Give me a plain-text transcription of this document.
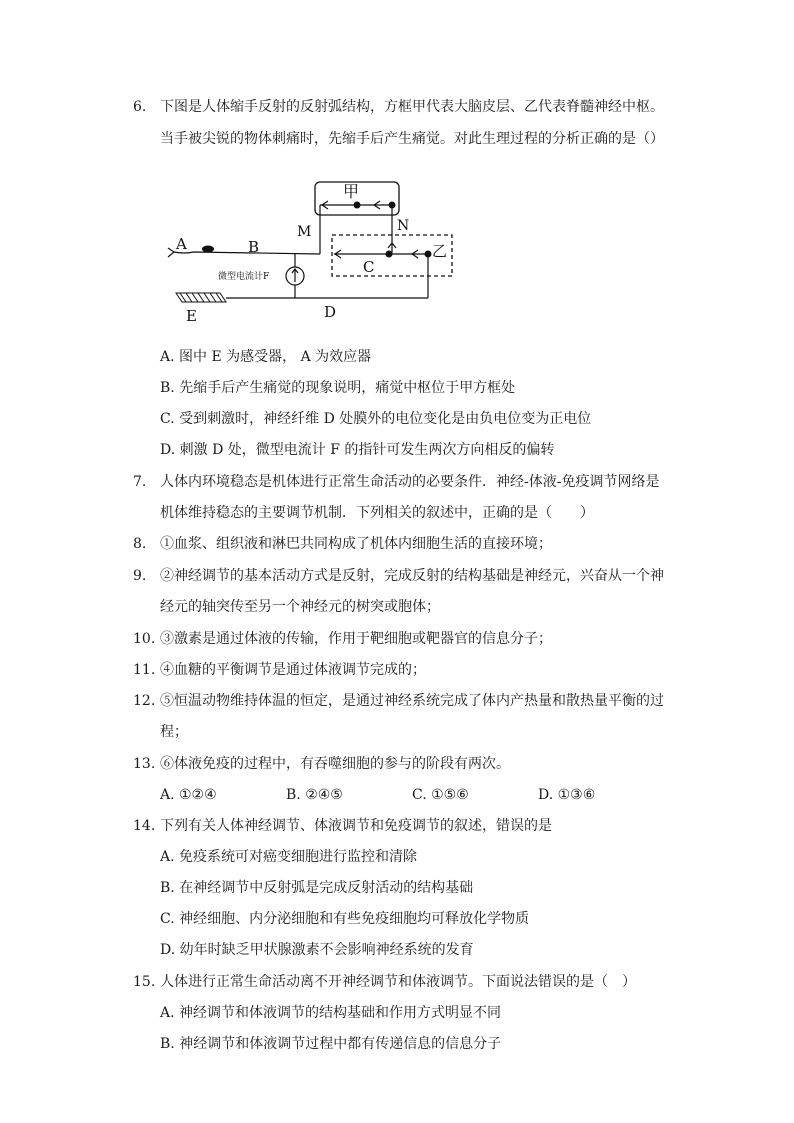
6. 下图是人体缩手反射的反射弧结构，方框甲代表大脑皮层、乙代表脊髓神经中枢。
当手被尖锐的物体刺痛时，先缩手后产生痛觉。对此生理过程的分析正确的是（）
甲
乙
N
M
C
A	B
微型电流计F
E	D
A. 图中 E 为感受器， A 为效应器
B. 先缩手后产生痛觉的现象说明，痛觉中枢位于甲方框处
C. 受到刺激时，神经纤维 D 处膜外的电位变化是由负电位变为正电位
D. 刺激 D 处，微型电流计 F 的指针可发生两次方向相反的偏转
7. 人体内环境稳态是机体进行正常生命活动的必要条件．神经-体液-免疫调节网络是
机体维持稳态的主要调节机制．下列相关的叙述中，正确的是（　　）
8. ①血浆、组织液和淋巴共同构成了机体内细胞生活的直接环境；
9. ②神经调节的基本活动方式是反射，完成反射的结构基础是神经元，兴奋从一个神
经元的轴突传至另一个神经元的树突或胞体；
10. ③激素是通过体液的传输，作用于靶细胞或靶器官的信息分子；
11. ④血糖的平衡调节是通过体液调节完成的；
12. ⑤恒温动物维持体温的恒定，是通过神经系统完成了体内产热量和散热量平衡的过
程；
13. ⑥体液免疫的过程中，有吞噬细胞的参与的阶段有两次。
A. ①②④	B. ②④⑤	C. ①⑤⑥	D. ①③⑥
14. 下列有关人体神经调节、体液调节和免疫调节的叙述，错误的是
A. 免疫系统可对癌变细胞进行监控和清除
B. 在神经调节中反射弧是完成反射活动的结构基础
C. 神经细胞、内分泌细胞和有些免疫细胞均可释放化学物质
D. 幼年时缺乏甲状腺激素不会影响神经系统的发育
15. 人体进行正常生命活动离不开神经调节和体液调节。下面说法错误的是（　）
A. 神经调节和体液调节的结构基础和作用方式明显不同
B. 神经调节和体液调节过程中都有传递信息的信息分子
